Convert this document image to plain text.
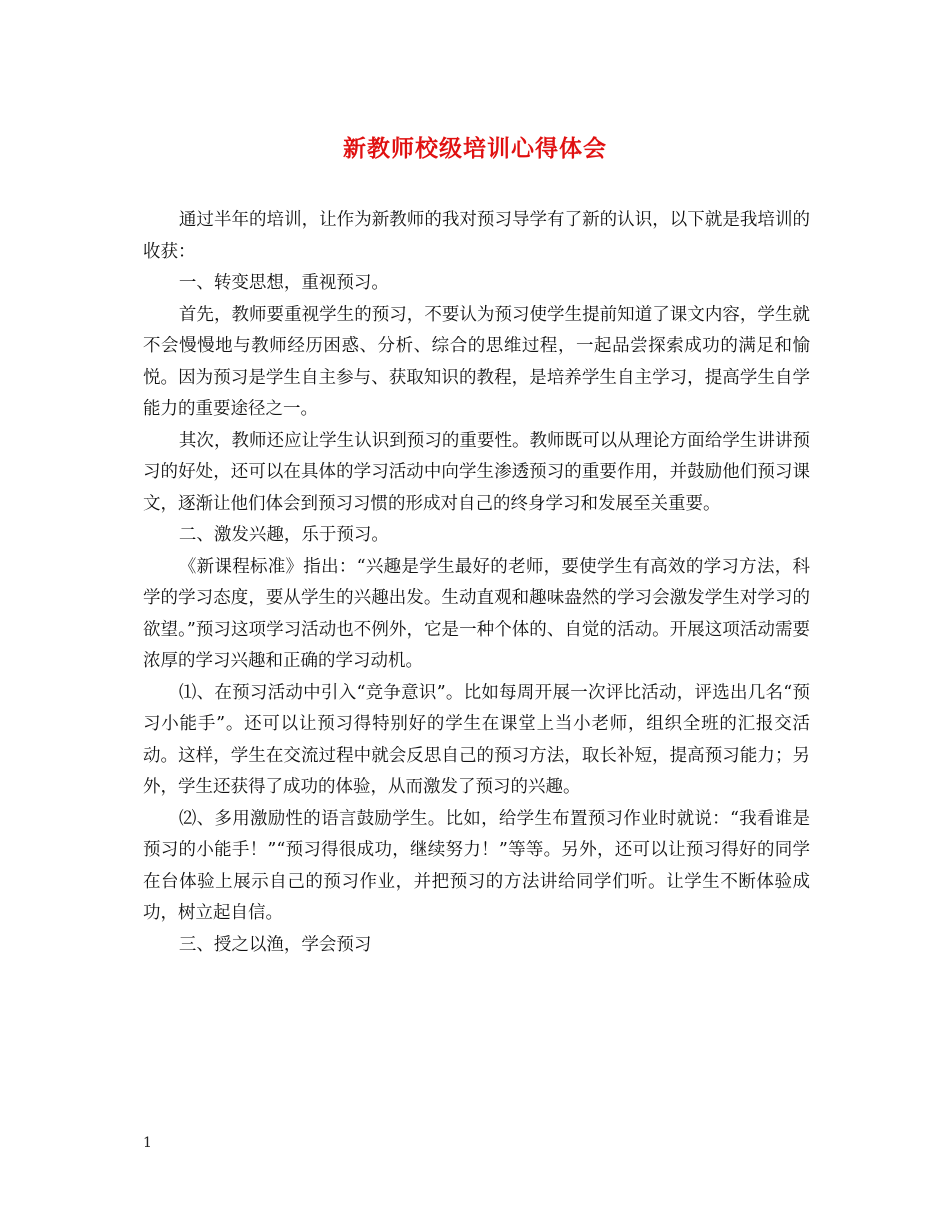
新教师校级培训心得体会

通过半年的培训，让作为新教师的我对预习导学有了新的认识，以下就是我培训的收获：

一、转变思想，重视预习。

首先，教师要重视学生的预习，不要认为预习使学生提前知道了课文内容，学生就不会慢慢地与教师经历困惑、分析、综合的思维过程，一起品尝探索成功的满足和愉悦。因为预习是学生自主参与、获取知识的教程，是培养学生自主学习，提高学生自学能力的重要途径之一。

其次，教师还应让学生认识到预习的重要性。教师既可以从理论方面给学生讲讲预习的好处，还可以在具体的学习活动中向学生渗透预习的重要作用，并鼓励他们预习课文，逐渐让他们体会到预习习惯的形成对自己的终身学习和发展至关重要。

二、激发兴趣，乐于预习。

《新课程标准》指出：“兴趣是学生最好的老师，要使学生有高效的学习方法，科学的学习态度，要从学生的兴趣出发。生动直观和趣味盎然的学习会激发学生对学习的欲望。”预习这项学习活动也不例外，它是一种个体的、自觉的活动。开展这项活动需要浓厚的学习兴趣和正确的学习动机。

⑴、在预习活动中引入“竞争意识”。比如每周开展一次评比活动，评选出几名“预习小能手”。还可以让预习得特别好的学生在课堂上当小老师，组织全班的汇报交活动。这样，学生在交流过程中就会反思自己的预习方法，取长补短，提高预习能力；另外，学生还获得了成功的体验，从而激发了预习的兴趣。

⑵、多用激励性的语言鼓励学生。比如，给学生布置预习作业时就说：“我看谁是预习的小能手！”“预习得很成功，继续努力！”等等。另外，还可以让预习得好的同学在台体验上展示自己的预习作业，并把预习的方法讲给同学们听。让学生不断体验成功，树立起自信。

三、授之以渔，学会预习

1
